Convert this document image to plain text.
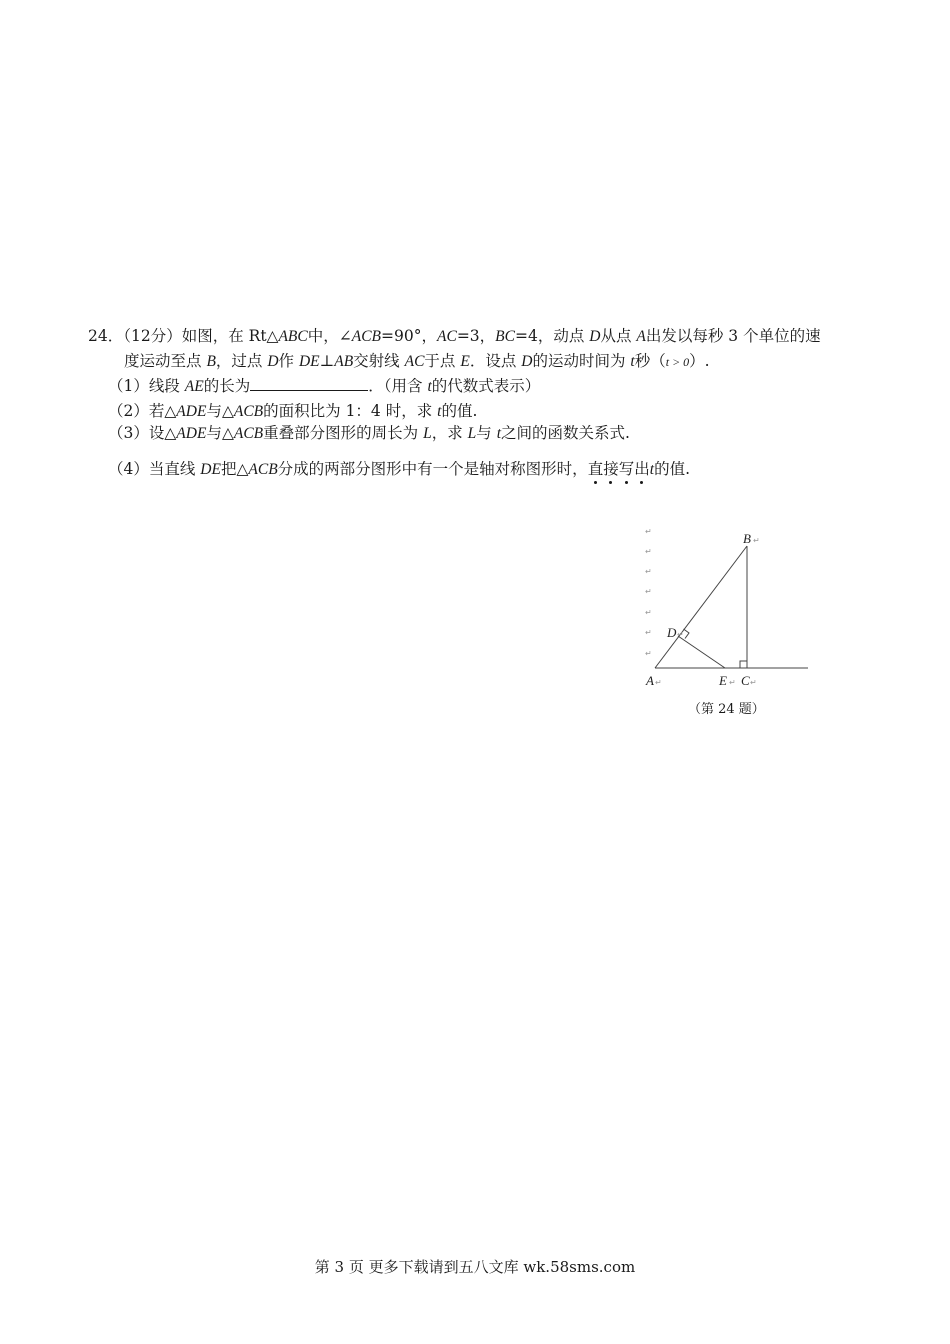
24．（12分）如图，在 Rt△ABC中，∠ACB=90°，AC=3，BC=4，动点 D从点 A出发以每秒 3 个单位的速
度运动至点 B，过点 D作 DE⊥AB交射线 AC于点 E．设点 D的运动时间为 t秒（t > 0）.
（1）线段 AE的长为	．（用含 t的代数式表示）
（2）若△ADE与△ACB的面积比为 1：4 时，求 t的值.
（3）设△ADE与△ACB重叠部分图形的周长为 L，求 L与 t之间的函数关系式.
（4）当直线 DE把△ACB分成的两部分图形中有一个是轴对称图形时，直接写出t的值.
↵
↵
↵
↵
↵
↵
↵
B
D
A	E C
↵
↵
↵	↵ ↵
（第 24 题）
第 3 页 更多下载请到五八文库 wk.58sms.com
